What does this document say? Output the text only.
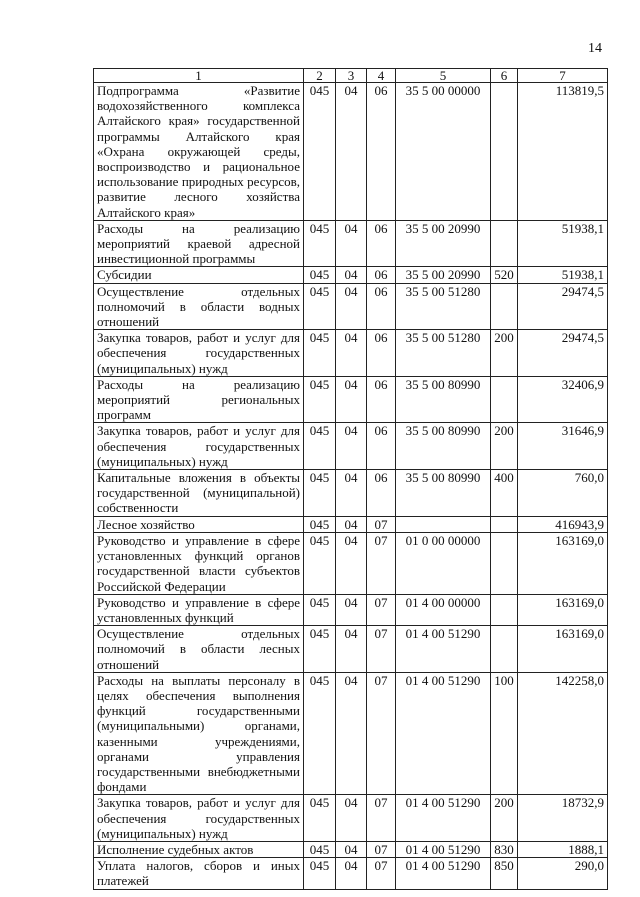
14
1	2	3	4	5	6	7
Подпрограмма «Развитие водохозяйственного комплекса Алтайского края» государственной программы Алтайского края «Охрана окружающей среды, воспроизводство и рациональное использование природных ресурсов, развитие лесного хозяйства Алтайского края»	045	04	06	35 5 00 00000		113819,5
Расходы на реализацию мероприятий краевой адресной инвестиционной программы	045	04	06	35 5 00 20990		51938,1
Субсидии	045	04	06	35 5 00 20990	520	51938,1
Осуществление отдельных полномочий в области водных отношений	045	04	06	35 5 00 51280		29474,5
Закупка товаров, работ и услуг для обеспечения государственных (муниципальных) нужд	045	04	06	35 5 00 51280	200	29474,5
Расходы на реализацию мероприятий региональных программ	045	04	06	35 5 00 80990		32406,9
Закупка товаров, работ и услуг для обеспечения государственных (муниципальных) нужд	045	04	06	35 5 00 80990	200	31646,9
Капитальные вложения в объекты государственной (муниципальной) собственности	045	04	06	35 5 00 80990	400	760,0
Лесное хозяйство	045	04	07			416943,9
Руководство и управление в сфере установленных функций органов государственной власти субъектов Российской Федерации	045	04	07	01 0 00 00000		163169,0
Руководство и управление в сфере установленных функций	045	04	07	01 4 00 00000		163169,0
Осуществление отдельных полномочий в области лесных отношений	045	04	07	01 4 00 51290		163169,0
Расходы на выплаты персоналу в целях обеспечения выполнения функций государственными (муниципальными) органами, казенными учреждениями, органами управления государственными внебюджетными фондами	045	04	07	01 4 00 51290	100	142258,0
Закупка товаров, работ и услуг для обеспечения государственных (муниципальных) нужд	045	04	07	01 4 00 51290	200	18732,9
Исполнение судебных актов	045	04	07	01 4 00 51290	830	1888,1
Уплата налогов, сборов и иных платежей	045	04	07	01 4 00 51290	850	290,0
